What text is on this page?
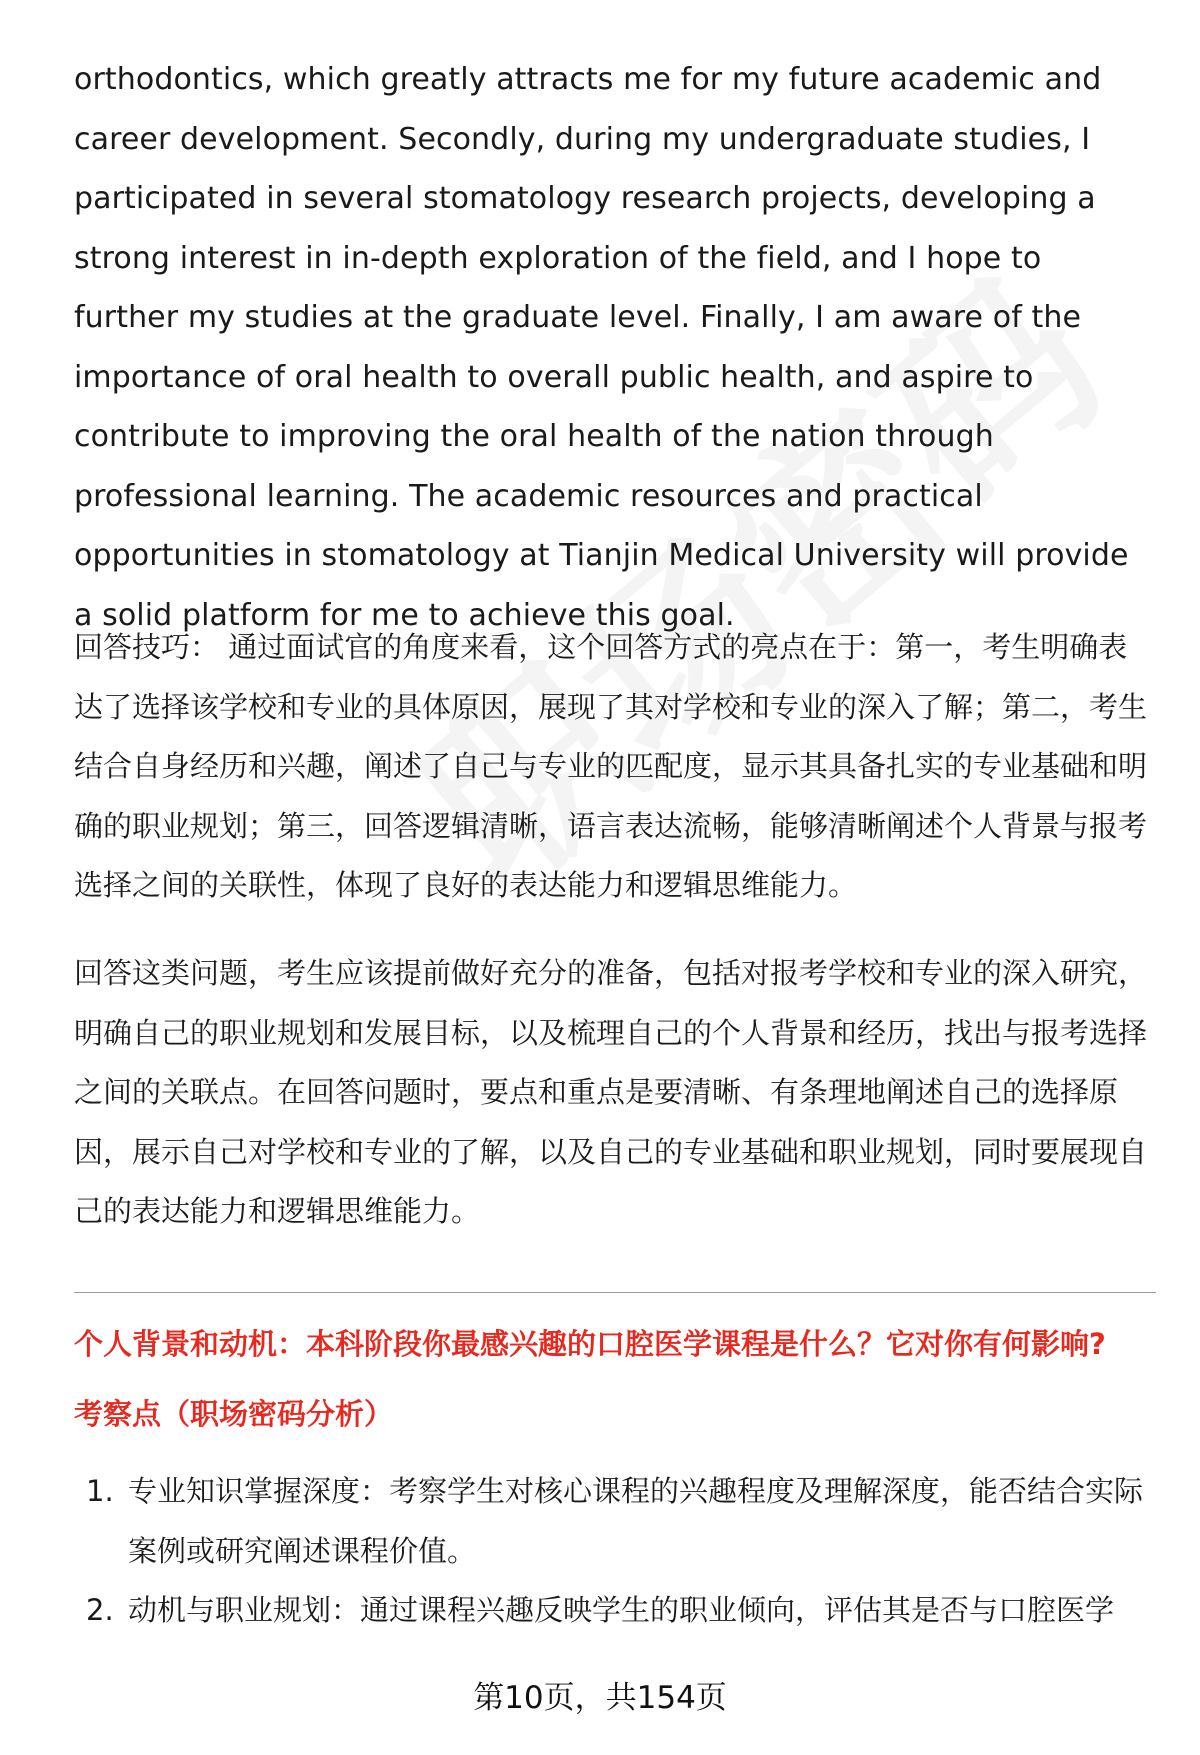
orthodontics, which greatly attracts me for my future academic and career development. Secondly, during my undergraduate studies, I participated in several stomatology research projects, developing a strong interest in in-depth exploration of the field, and I hope to further my studies at the graduate level. Finally, I am aware of the importance of oral health to overall public health, and aspire to contribute to improving the oral health of the nation through professional learning. The academic resources and practical opportunities in stomatology at Tianjin Medical University will provide a solid platform for me to achieve this goal.

回答技巧： 通过面试官的角度来看，这个回答方式的亮点在于：第一，考生明确表达了选择该学校和专业的具体原因，展现了其对学校和专业的深入了解；第二，考生结合自身经历和兴趣，阐述了自己与专业的匹配度，显示其具备扎实的专业基础和明确的职业规划；第三，回答逻辑清晰，语言表达流畅，能够清晰阐述个人背景与报考选择之间的关联性，体现了良好的表达能力和逻辑思维能力。

回答这类问题，考生应该提前做好充分的准备，包括对报考学校和专业的深入研究，明确自己的职业规划和发展目标，以及梳理自己的个人背景和经历，找出与报考选择之间的关联点。在回答问题时，要点和重点是要清晰、有条理地阐述自己的选择原因，展示自己对学校和专业的了解，以及自己的专业基础和职业规划，同时要展现自己的表达能力和逻辑思维能力。

个人背景和动机：本科阶段你最感兴趣的口腔医学课程是什么？它对你有何影响?

考察点（职场密码分析）

1. 专业知识掌握深度：考察学生对核心课程的兴趣程度及理解深度，能否结合实际案例或研究阐述课程价值。
2. 动机与职业规划：通过课程兴趣反映学生的职业倾向，评估其是否与口腔医学
第10页，共154页
